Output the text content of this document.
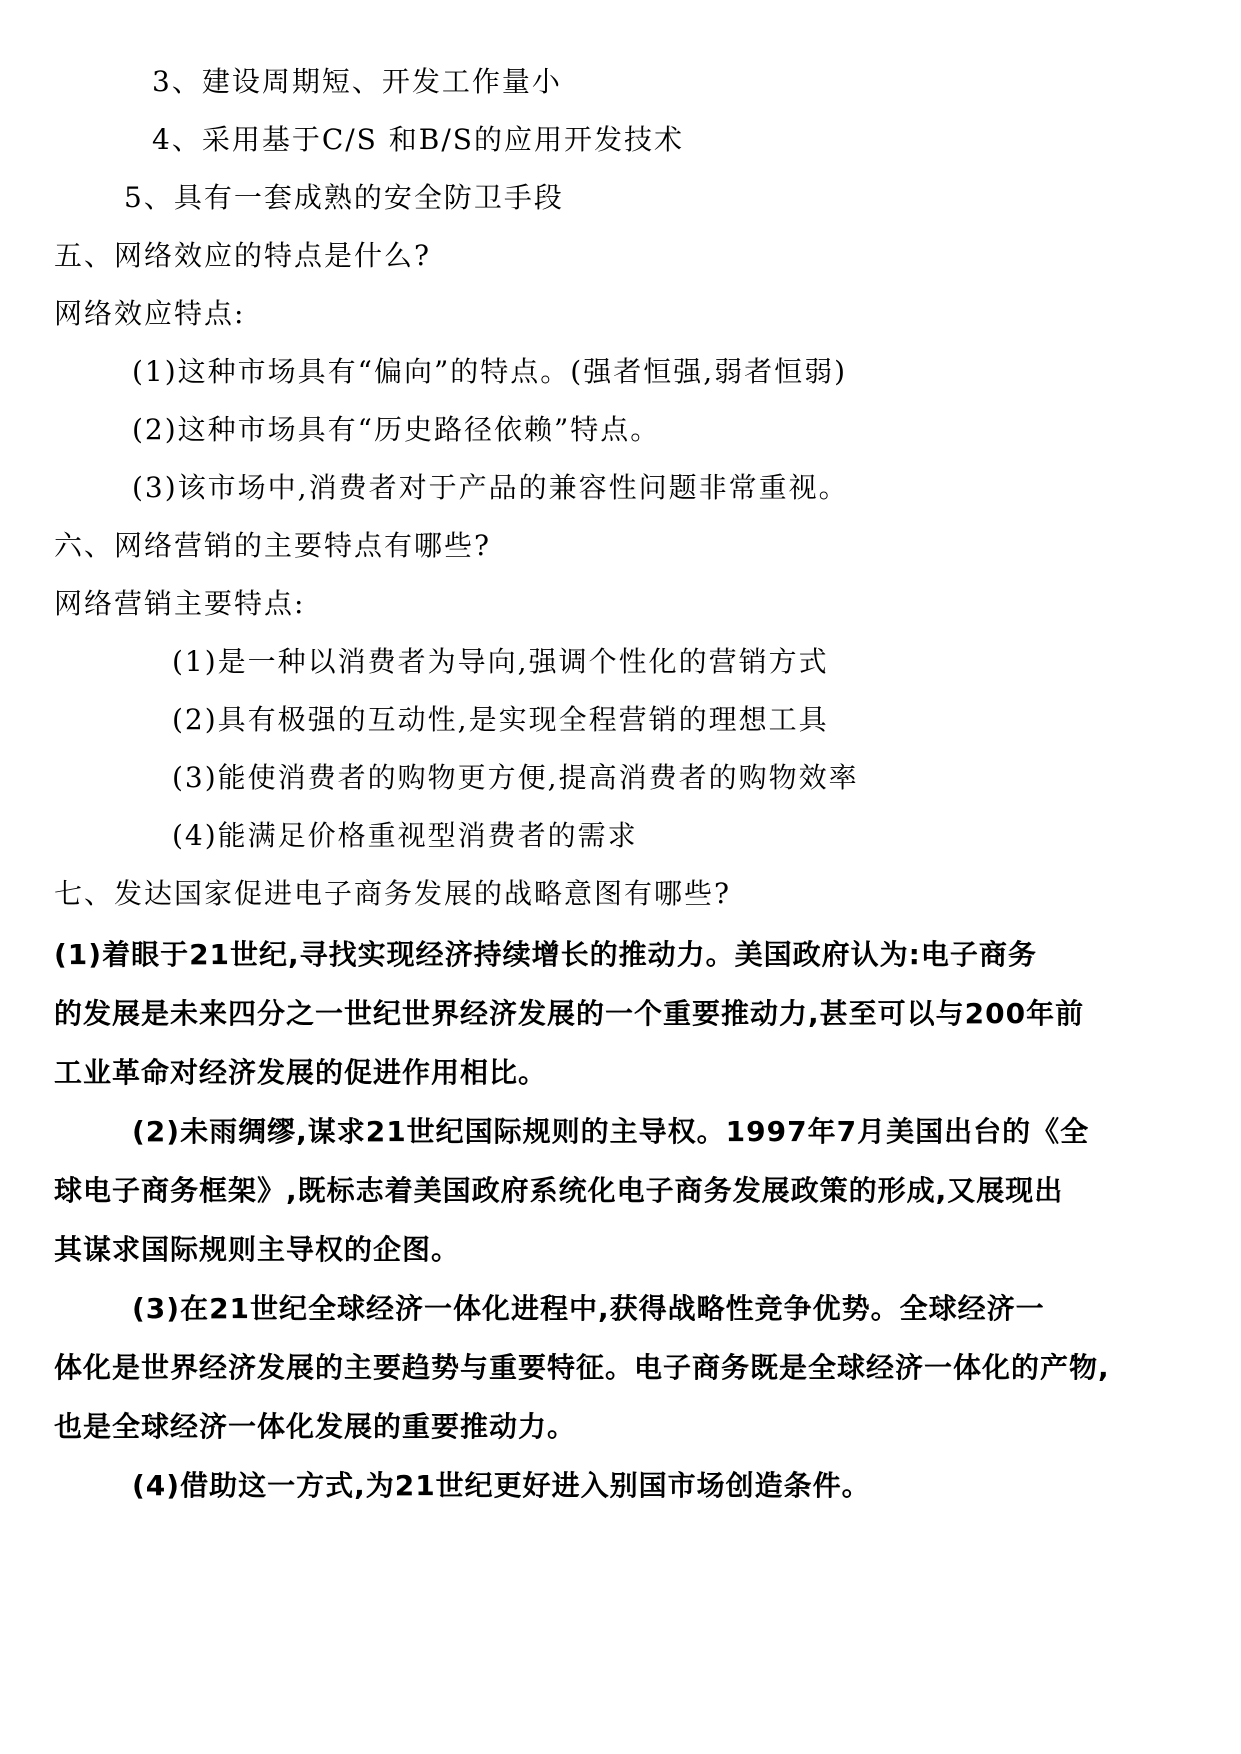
3、建设周期短、开发工作量小
4、采用基于C/S 和B/S的应用开发技术
5、具有一套成熟的安全防卫手段
五、网络效应的特点是什么?
网络效应特点:
(1)这种市场具有“偏向”的特点。(强者恒强,弱者恒弱)
(2)这种市场具有“历史路径依赖”特点。
(3)该市场中,消费者对于产品的兼容性问题非常重视。
六、网络营销的主要特点有哪些?
网络营销主要特点:
(1)是一种以消费者为导向,强调个性化的营销方式
(2)具有极强的互动性,是实现全程营销的理想工具
(3)能使消费者的购物更方便,提高消费者的购物效率
(4)能满足价格重视型消费者的需求
七、发达国家促进电子商务发展的战略意图有哪些?
(1)着眼于21世纪,寻找实现经济持续增长的推动力。美国政府认为:电子商务
的发展是未来四分之一世纪世界经济发展的一个重要推动力,甚至可以与200年前
工业革命对经济发展的促进作用相比。
(2)未雨绸缪,谋求21世纪国际规则的主导权。1997年7月美国出台的《全
球电子商务框架》,既标志着美国政府系统化电子商务发展政策的形成,又展现出
其谋求国际规则主导权的企图。
(3)在21世纪全球经济一体化进程中,获得战略性竞争优势。全球经济一
体化是世界经济发展的主要趋势与重要特征。电子商务既是全球经济一体化的产物,
也是全球经济一体化发展的重要推动力。
(4)借助这一方式,为21世纪更好进入别国市场创造条件。
